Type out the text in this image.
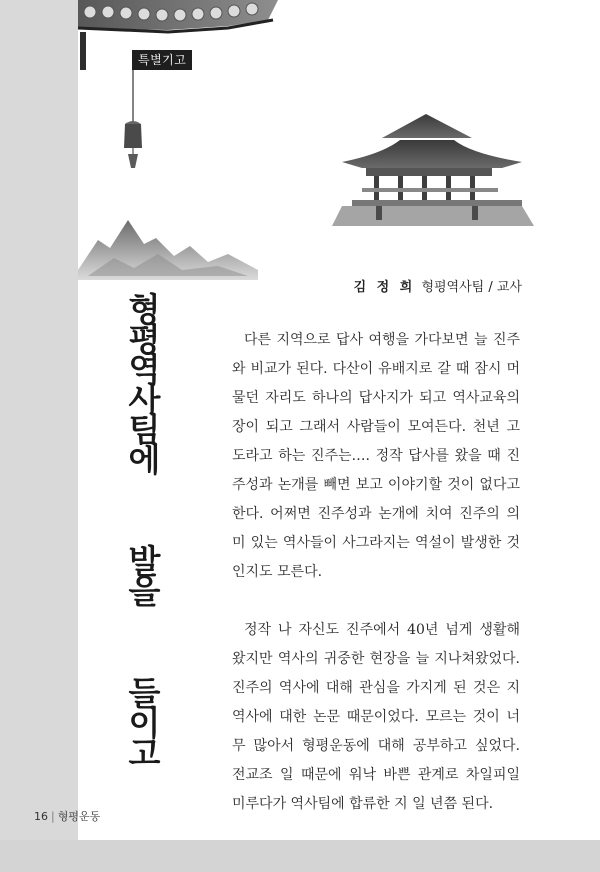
특별기고
김 정 희 형평역사팀 / 교사
형평역사팀에  발을  들이고	다른 지역으로 답사 여행을 가다보면 늘 진주와 비교가 된다. 다산이 유배지로 갈 때 잠시 머물던 자리도 하나의 답사지가 되고 역사교육의 장이 되고 그래서 사람들이 모여든다. 천년 고도라고 하는 진주는…. 정작 답사를 왔을 때 진주성과 논개를 빼면 보고 이야기할 것이 없다고 한다. 어쩌면 진주성과 논개에 치여 진주의 의미 있는 역사들이 사그라지는 역설이 발생한 것인지도 모른다.

정작 나 자신도 진주에서 40년 넘게 생활해 왔지만 역사의 귀중한 현장을 늘 지나쳐왔었다. 진주의 역사에 대해 관심을 가지게 된 것은 지역사에 대한 논문 때문이었다. 모르는 것이 너무 많아서 형평운동에 대해 공부하고 싶었다. 전교조 일 때문에 워낙 바쁜 관계로 차일피일 미루다가 역사팀에 합류한 지 일 년쯤 된다.

16 | 형평운동
